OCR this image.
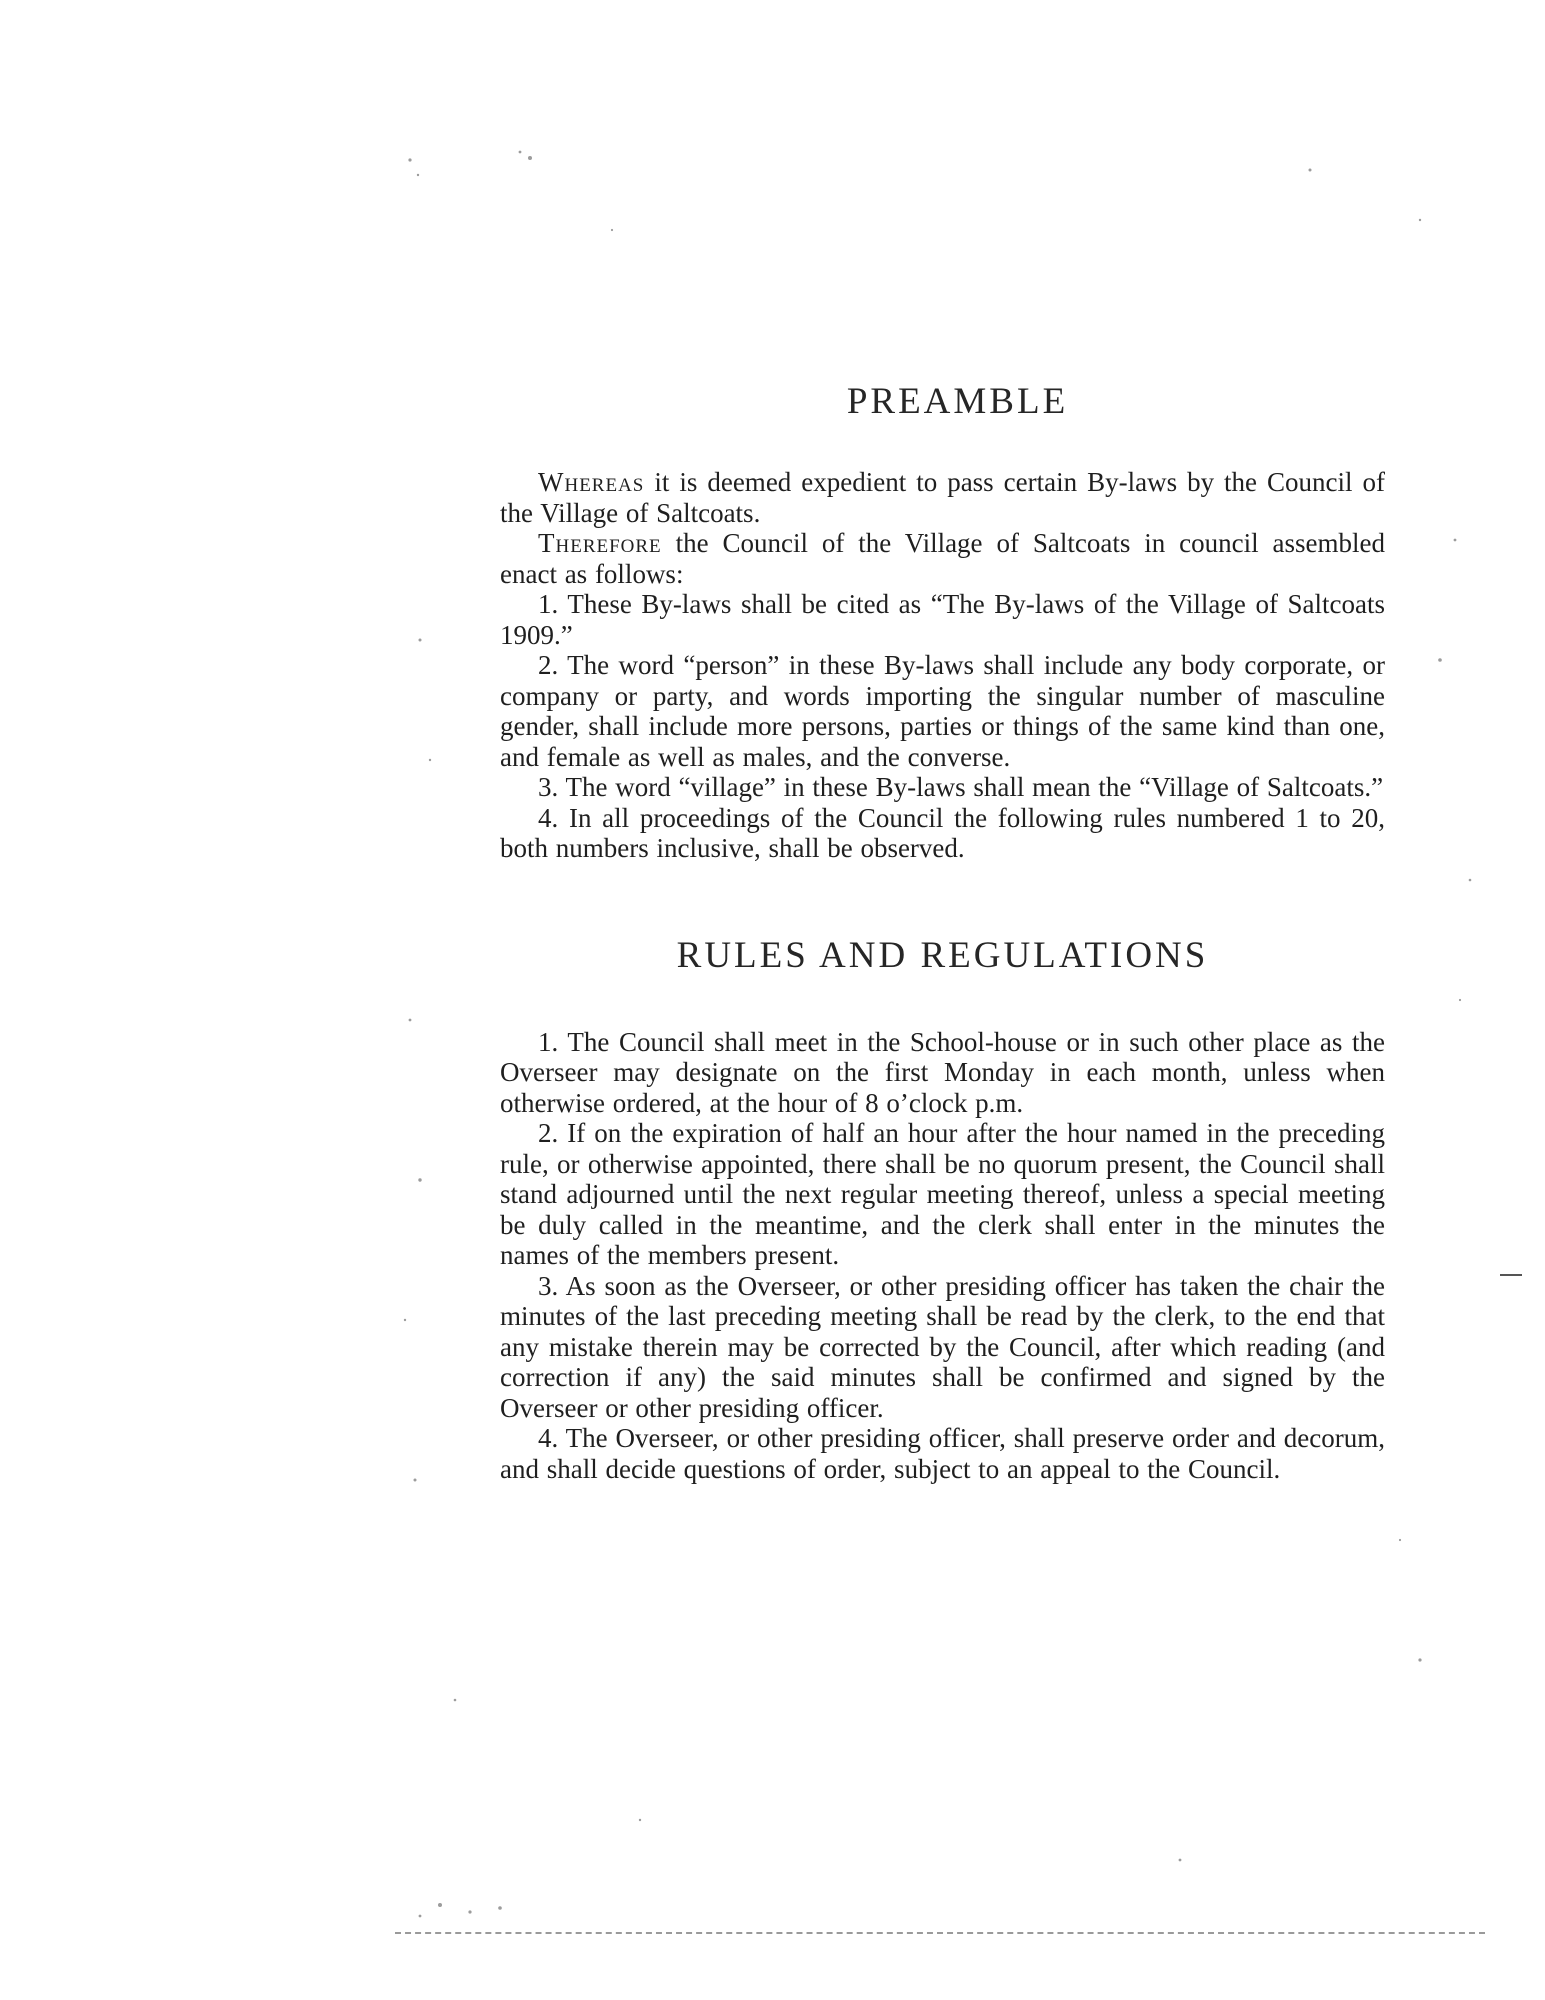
PREAMBLE

Whereas it is deemed expedient to pass certain By-laws by the Council of the Village of Saltcoats.

Therefore the Council of the Village of Saltcoats in council assembled enact as follows:

1. These By-laws shall be cited as “The By-laws of the Village of Saltcoats 1909.”

2. The word “person” in these By-laws shall include any body corporate, or company or party, and words importing the singular number of masculine gender, shall include more persons, parties or things of the same kind than one, and female as well as males, and the converse.

3. The word “village” in these By-laws shall mean the “Village of Saltcoats.”

4. In all proceedings of the Council the following rules numbered 1 to 20, both numbers inclusive, shall be observed.

RULES AND REGULATIONS

1. The Council shall meet in the School-house or in such other place as the Overseer may designate on the first Monday in each month, unless when otherwise ordered, at the hour of 8 o’clock p.m.

2. If on the expiration of half an hour after the hour named in the preceding rule, or otherwise appointed, there shall be no quorum present, the Council shall stand adjourned until the next regular meeting thereof, unless a special meeting be duly called in the meantime, and the clerk shall enter in the minutes the names of the members present.

3. As soon as the Overseer, or other presiding officer has taken the chair the minutes of the last preceding meeting shall be read by the clerk, to the end that any mistake therein may be corrected by the Council, after which reading (and correction if any) the said minutes shall be confirmed and signed by the Overseer or other presiding officer.

4. The Overseer, or other presiding officer, shall preserve order and decorum, and shall decide questions of order, subject to an appeal to the Council.
